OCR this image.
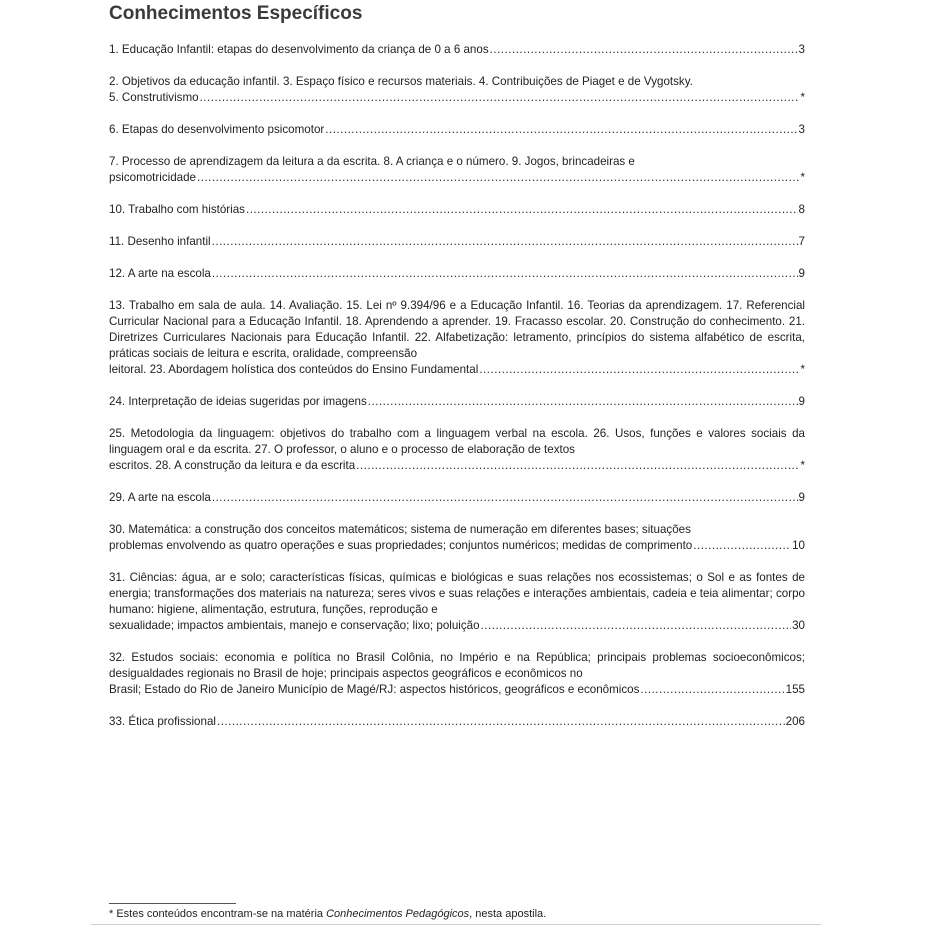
Conhecimentos Específicos
1. Educação Infantil: etapas do desenvolvimento da criança de 0 a 6 anos .....	3
2. Objetivos da educação infantil. 3. Espaço físico e recursos materiais. 4. Contribuições de Piaget e de Vygotsky.
5. Construtivismo .....	*
6. Etapas do desenvolvimento psicomotor .....	3
7. Processo de aprendizagem da leitura a da escrita. 8. A criança e o número. 9. Jogos, brincadeiras e
psicomotricidade .....	*
10. Trabalho com histórias .....	8
11. Desenho infantil .....	7
12. A arte na escola .....	9
13. Trabalho em sala de aula. 14. Avaliação. 15. Lei nº 9.394/96 e a Educação Infantil. 16. Teorias da aprendizagem. 17. Referencial Curricular Nacional para a Educação Infantil. 18. Aprendendo a aprender. 19. Fracasso escolar. 20. Construção do conhecimento. 21. Diretrizes Curriculares Nacionais para Educação Infantil. 22. Alfabetização: letramento, princípios do sistema alfabético de escrita, práticas sociais de leitura e escrita, oralidade, compreensão
leitoral. 23. Abordagem holística dos conteúdos do Ensino Fundamental .....	*
24. Interpretação de ideias sugeridas por imagens .....	9
25. Metodologia da linguagem: objetivos do trabalho com a linguagem verbal na escola. 26. Usos, funções e valores sociais da linguagem oral e da escrita. 27. O professor, o aluno e o processo de elaboração de textos
escritos. 28. A construção da leitura e da escrita .....	*
29. A arte na escola .....	9
30. Matemática: a construção dos conceitos matemáticos; sistema de numeração em diferentes bases; situações
problemas envolvendo as quatro operações e suas propriedades; conjuntos numéricos; medidas de comprimento .....	10
31. Ciências: água, ar e solo; características físicas, químicas e biológicas e suas relações nos ecossistemas; o Sol e as fontes de energia; transformações dos materiais na natureza; seres vivos e suas relações e interações ambientais, cadeia e teia alimentar; corpo humano: higiene, alimentação, estrutura, funções, reprodução e
sexualidade; impactos ambientais, manejo e conservação; lixo; poluição .....	30
32. Estudos sociais: economia e política no Brasil Colônia, no Império e na República; principais problemas socioeconômicos; desigualdades regionais no Brasil de hoje; principais aspectos geográficos e econômicos no
Brasil; Estado do Rio de Janeiro Município de Magé/RJ: aspectos históricos, geográficos e econômicos .....	155
33. Ética profissional .....	206
* Estes conteúdos encontram-se na matéria Conhecimentos Pedagógicos, nesta apostila.
